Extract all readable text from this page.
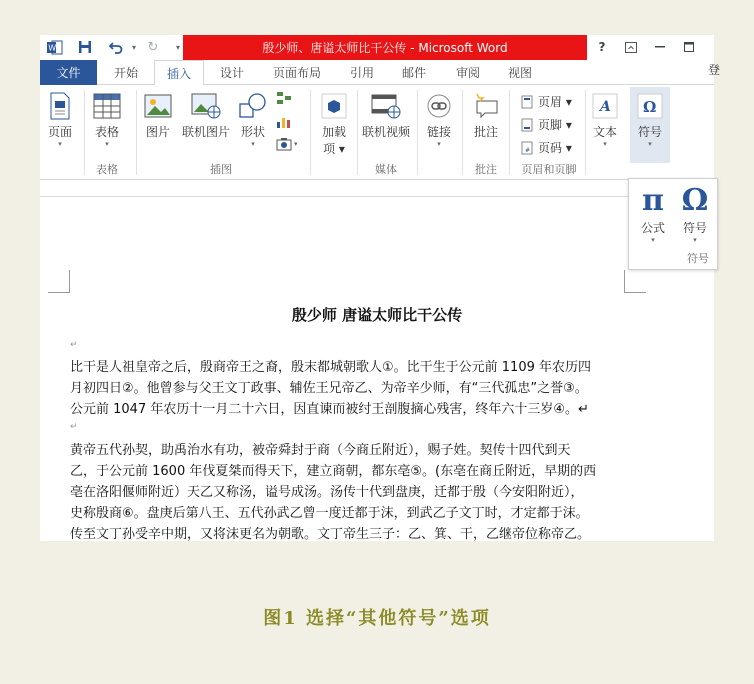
W	▾ ↻	▾	殷少师、唐谥太师比干公传 - Microsoft Word	?
文件	开始	插入	设计	页面布局	引用	邮件	审阅	视图
页面
▾
表格
▾
表格
图片 联机图片 形状
▾	▾
插图
加载
项 ▾
联机视频
媒体
链接
▾
批注
批注
页眉 ▾
页脚 ▾
# 页码 ▾
页眉和页脚
A
文本
▾
Ω
符号
▾
殷少师 唐谥太师比干公传
↵
比干是人祖皇帝之后，殷商帝王之裔，殷末都城朝歌人①。比干生于公元前 1109 年农历四
月初四日②。他曾参与父王文丁政事、辅佐王兄帝乙、为帝辛少师，有“三代孤忠”之誉③。
公元前 1047 年农历十一月二十六日，因直谏而被纣王剖腹摘心残害，终年六十三岁④。↵
↵
黄帝五代孙契，助禹治水有功，被帝舜封于商（今商丘附近），赐子姓。契传十四代到天
乙，于公元前 1600 年伐夏桀而得天下，建立商朝，都东亳⑤。(东亳在商丘附近，早期的西
亳在洛阳偃师附近）天乙又称汤，谥号成汤。汤传十代到盘庚，迁都于殷（今安阳附近），
史称殷商⑥。盘庚后第八王、五代孙武乙曾一度迁都于沫，到武乙子文丁时，才定都于沫。
传至文丁孙受辛中期，又将沫更名为朝歌。文丁帝生三子：乙、箕、干，乙继帝位称帝乙。
登
π
公式
▾
Ω
符号
▾
符号
图1 选择“其他符号”选项
